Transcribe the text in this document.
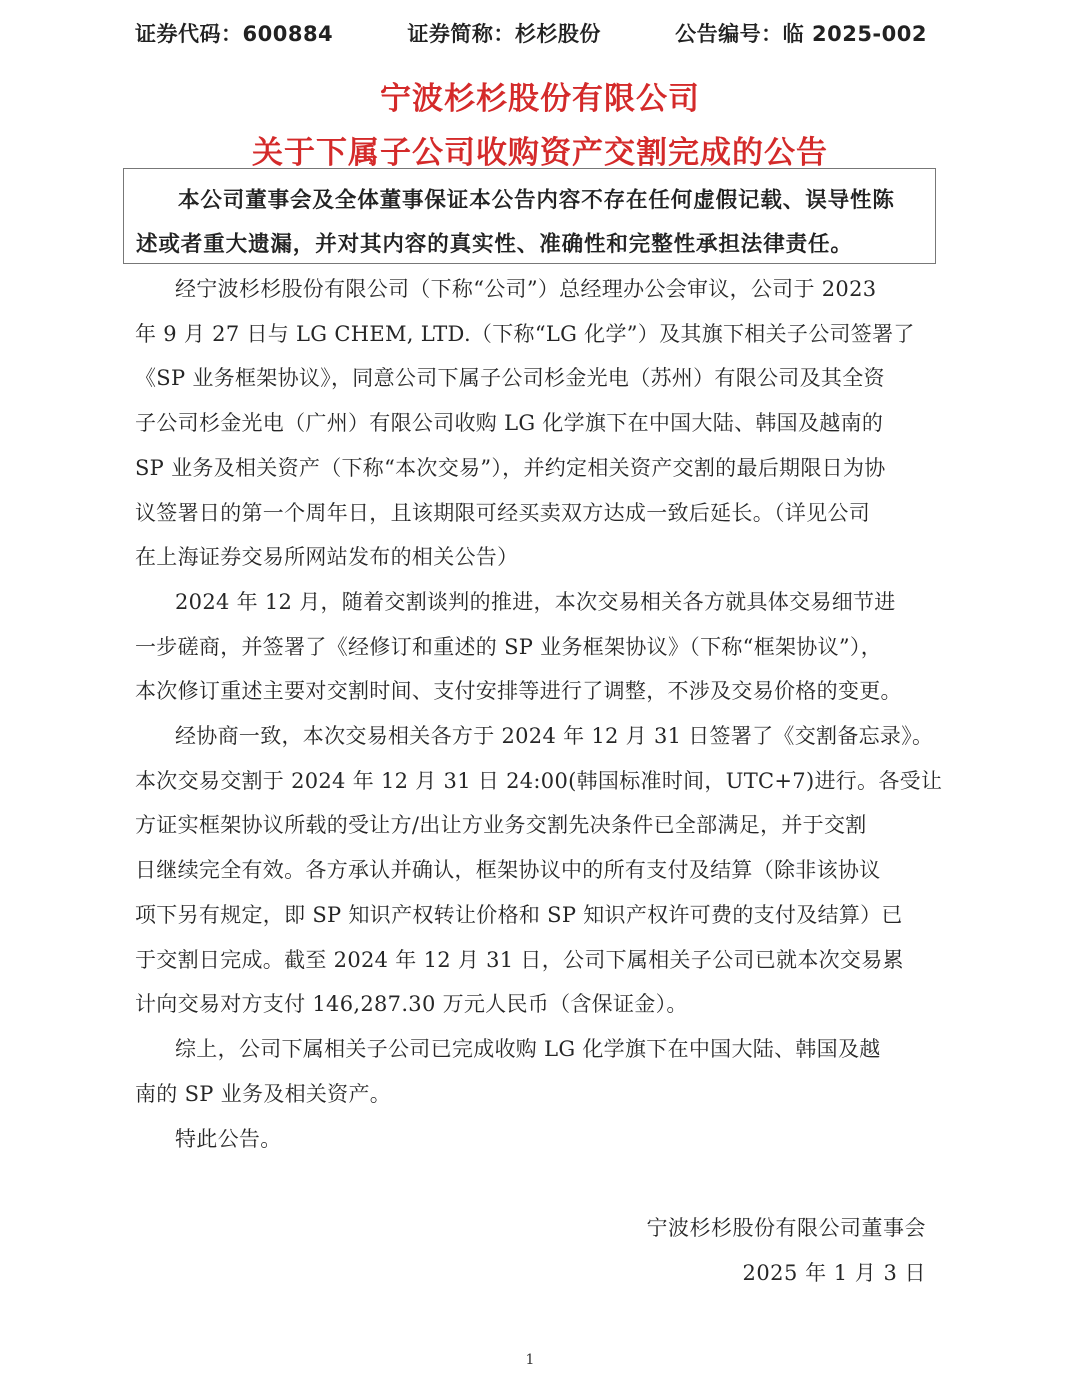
证券代码：600884	证券简称：杉杉股份	公告编号：临 2025-002
宁波杉杉股份有限公司
关于下属子公司收购资产交割完成的公告
本公司董事会及全体董事保证本公告内容不存在任何虚假记载、误导性陈
述或者重大遗漏，并对其内容的真实性、准确性和完整性承担法律责任。
经宁波杉杉股份有限公司（下称“公司”）总经理办公会审议，公司于 2023
年 9 月 27 日与 LG CHEM, LTD.（下称“LG 化学”）及其旗下相关子公司签署了
《SP 业务框架协议》，同意公司下属子公司杉金光电（苏州）有限公司及其全资
子公司杉金光电（广州）有限公司收购 LG 化学旗下在中国大陆、韩国及越南的
SP 业务及相关资产（下称“本次交易”），并约定相关资产交割的最后期限日为协
议签署日的第一个周年日，且该期限可经买卖双方达成一致后延长。（详见公司
在上海证券交易所网站发布的相关公告）
2024 年 12 月，随着交割谈判的推进，本次交易相关各方就具体交易细节进
一步磋商，并签署了《经修订和重述的 SP 业务框架协议》（下称“框架协议”），
本次修订重述主要对交割时间、支付安排等进行了调整，不涉及交易价格的变更。
经协商一致，本次交易相关各方于 2024 年 12 月 31 日签署了《交割备忘录》。
本次交易交割于 2024 年 12 月 31 日 24:00(韩国标准时间，UTC+7)进行。各受让
方证实框架协议所载的受让方/出让方业务交割先决条件已全部满足，并于交割
日继续完全有效。各方承认并确认，框架协议中的所有支付及结算（除非该协议
项下另有规定，即 SP 知识产权转让价格和 SP 知识产权许可费的支付及结算）已
于交割日完成。截至 2024 年 12 月 31 日，公司下属相关子公司已就本次交易累
计向交易对方支付 146,287.30 万元人民币（含保证金）。
综上，公司下属相关子公司已完成收购 LG 化学旗下在中国大陆、韩国及越
南的 SP 业务及相关资产。
特此公告。
宁波杉杉股份有限公司董事会
2025 年 1 月 3 日
1
